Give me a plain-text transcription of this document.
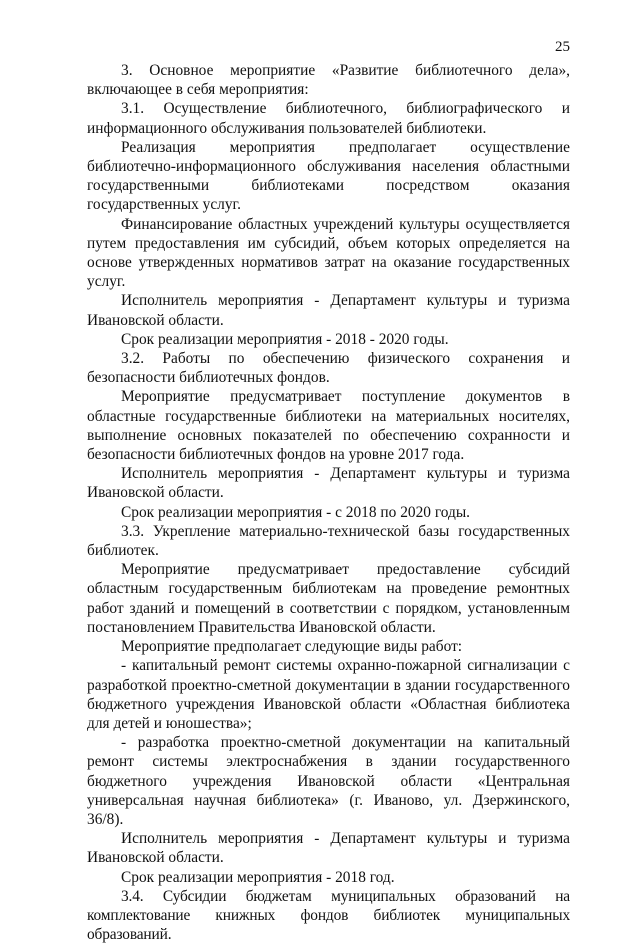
25

3. Основное мероприятие «Развитие библиотечного дела», включающее в себя мероприятия:

3.1. Осуществление библиотечного, библиографического и информационного обслуживания пользователей библиотеки.

Реализация мероприятия предполагает осуществление библиотечно-информационного обслуживания населения областными государственными библиотеками посредством оказания государственных услуг.

Финансирование областных учреждений культуры осуществляется путем предоставления им субсидий, объем которых определяется на основе утвержденных нормативов затрат на оказание государственных услуг.

Исполнитель мероприятия - Департамент культуры и туризма Ивановской области.

Срок реализации мероприятия - 2018 - 2020 годы.

3.2. Работы по обеспечению физического сохранения и безопасности библиотечных фондов.

Мероприятие предусматривает поступление документов в областные государственные библиотеки на материальных носителях, выполнение основных показателей по обеспечению сохранности и безопасности библиотечных фондов на уровне 2017 года.

Исполнитель мероприятия - Департамент культуры и туризма Ивановской области.

Срок реализации мероприятия - с 2018 по 2020 годы.

3.3. Укрепление материально-технической базы государственных библиотек.

Мероприятие предусматривает предоставление субсидий областным государственным библиотекам на проведение ремонтных работ зданий и помещений в соответствии с порядком, установленным постановлением Правительства Ивановской области.

Мероприятие предполагает следующие виды работ:

- капитальный ремонт системы охранно-пожарной сигнализации с разработкой проектно-сметной документации в здании государственного бюджетного учреждения Ивановской области «Областная библиотека для детей и юношества»;

- разработка проектно-сметной документации на капитальный ремонт системы электроснабжения в здании государственного бюджетного учреждения Ивановской области «Центральная универсальная научная библиотека» (г. Иваново, ул. Дзержинского, 36/8).

Исполнитель мероприятия - Департамент культуры и туризма Ивановской области.

Срок реализации мероприятия - 2018 год.

3.4. Субсидии бюджетам муниципальных образований на комплектование книжных фондов библиотек муниципальных образований.
